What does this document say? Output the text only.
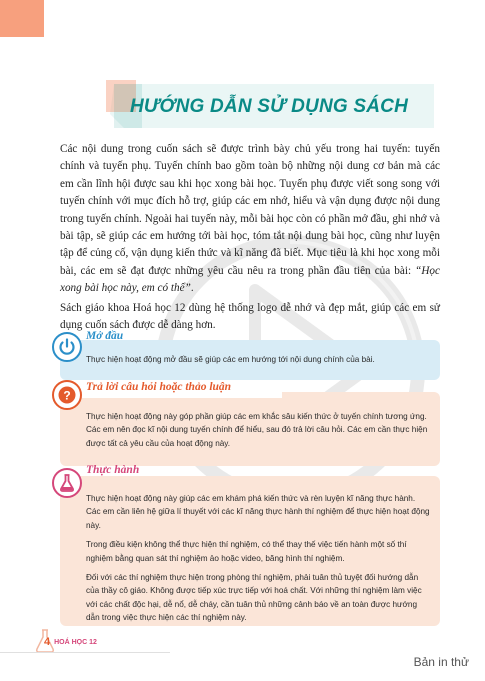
HƯỚNG DẪN SỬ DỤNG SÁCH
Các nội dung trong cuốn sách sẽ được trình bày chủ yếu trong hai tuyến: tuyến chính và tuyến phụ. Tuyến chính bao gồm toàn bộ những nội dung cơ bản mà các em cần lĩnh hội được sau khi học xong bài học. Tuyến phụ được viết song song với tuyến chính với mục đích hỗ trợ, giúp các em nhớ, hiểu và vận dụng được nội dung trong tuyến chính. Ngoài hai tuyến này, mỗi bài học còn có phần mở đầu, ghi nhớ và bài tập, sẽ giúp các em hướng tới bài học, tóm tắt nội dung bài học, cũng như luyện tập để củng cố, vận dụng kiến thức và kĩ năng đã biết. Mục tiêu là khi học xong mỗi bài, các em sẽ đạt được những yêu cầu nêu ra trong phần đầu tiên của bài: “Học xong bài học này, em có thể”.
Sách giáo khoa Hoá học 12 dùng hệ thống logo dễ nhớ và đẹp mắt, giúp các em sử dụng cuốn sách được dễ dàng hơn.
Mở đầu
Thực hiện hoạt động mở đầu sẽ giúp các em hướng tới nội dung chính của bài.
?
Trả lời câu hỏi hoặc thảo luận
Thực hiện hoạt động này góp phần giúp các em khắc sâu kiến thức ở tuyến chính tương ứng. Các em nên đọc kĩ nội dung tuyến chính để hiểu, sau đó trả lời câu hỏi. Các em cần thực hiện được tất cả yêu cầu của hoạt động này.
Thực hành

Thực hiện hoạt động này giúp các em khám phá kiến thức và rèn luyện kĩ năng thực hành. Các em cần liên hệ giữa lí thuyết với các kĩ năng thực hành thí nghiệm để thực hiện hoạt động này.

Trong điều kiện không thể thực hiện thí nghiệm, có thể thay thế việc tiến hành một số thí nghiệm bằng quan sát thí nghiệm ảo hoặc video, băng hình thí nghiệm.

Đối với các thí nghiệm thực hiện trong phòng thí nghiệm, phải tuân thủ tuyệt đối hướng dẫn của thầy cô giáo. Không được tiếp xúc trực tiếp với hoá chất. Với những thí nghiệm làm việc với các chất độc hại, dễ nổ, dễ cháy, cần tuân thủ những cảnh báo về an toàn được hướng dẫn trong việc thực hiện các thí nghiệm này.

4 HOÁ HỌC 12
Bản in thử
